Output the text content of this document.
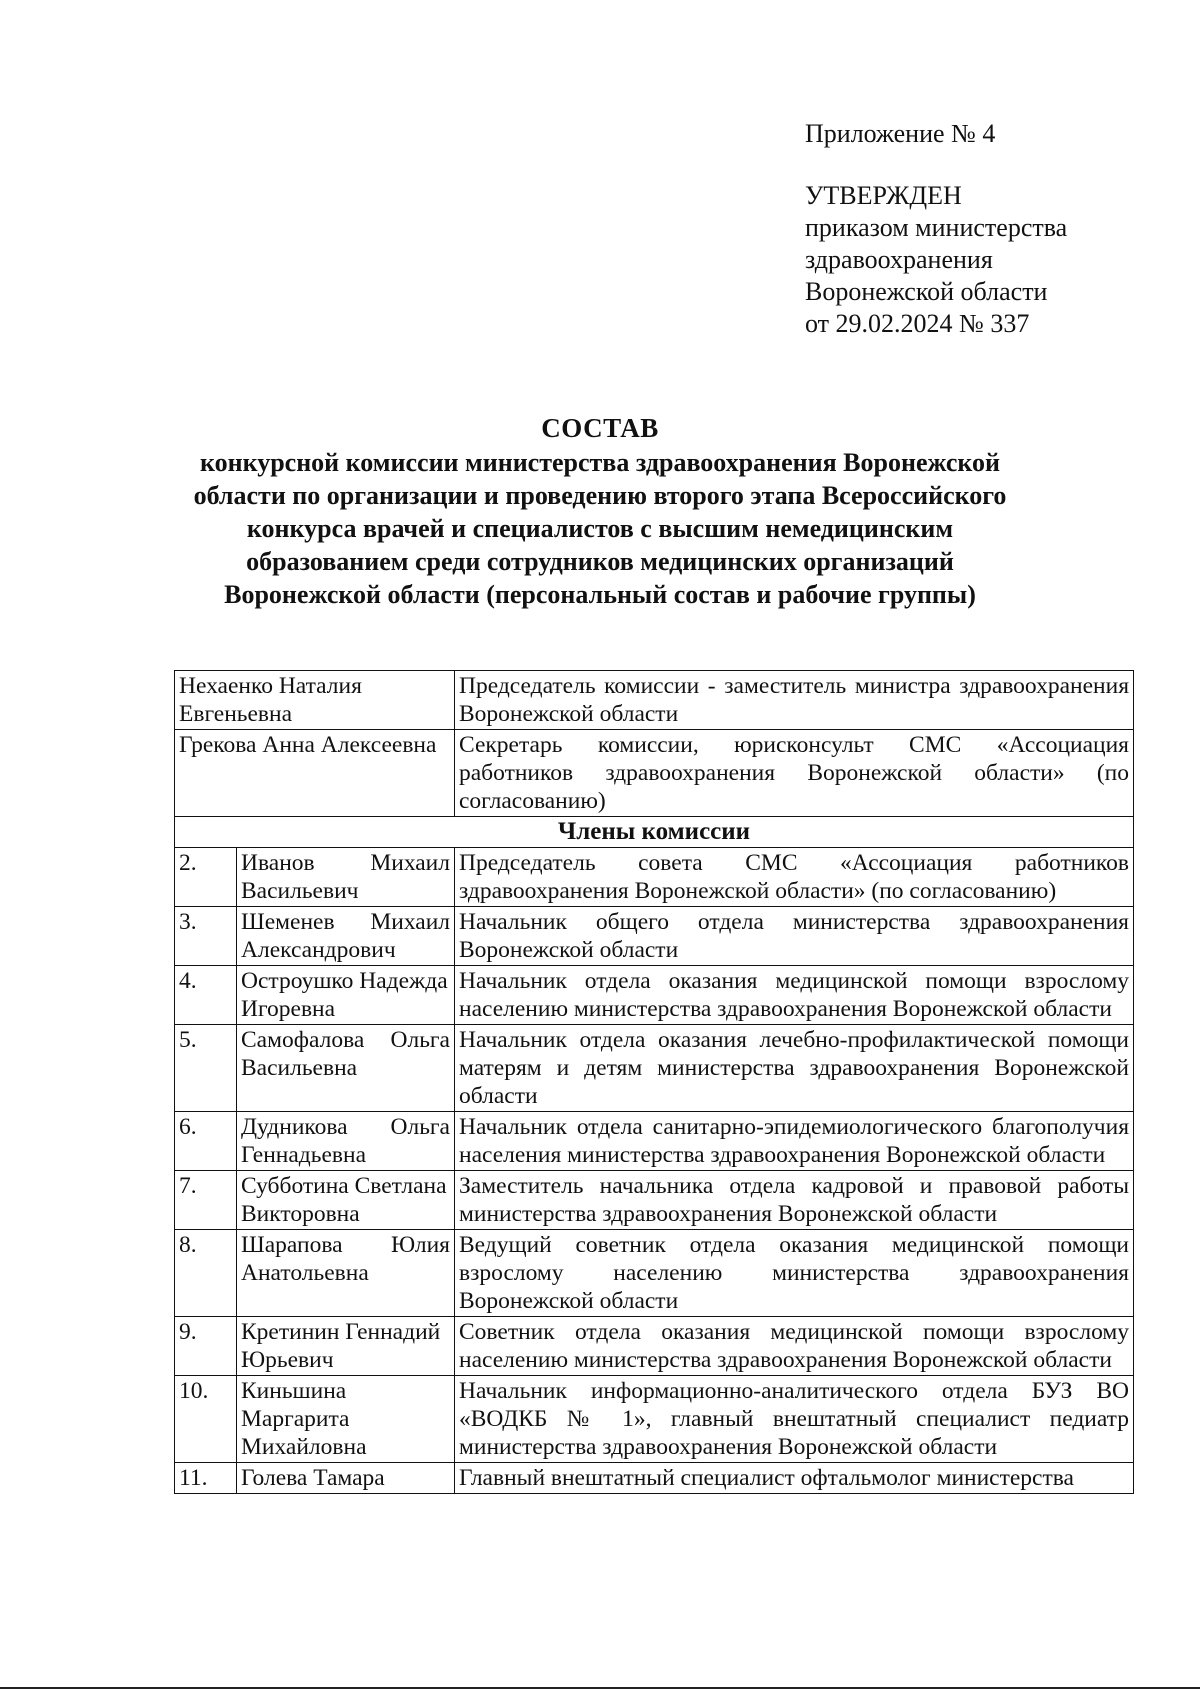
Приложение № 4
УТВЕРЖДЕН
приказом министерства
здравоохранения
Воронежской области
от 29.02.2024 № 337
СОСТАВ
конкурсной комиссии министерства здравоохранения Воронежской
области по организации и проведению второго этапа Всероссийского
конкурса врачей и специалистов с высшим немедицинским
образованием среди сотрудников медицинских организаций
Воронежской области (персональный состав и рабочие группы)
Нехаенко Наталия Евгеньевна		Председатель комиссии - заместитель министра здравоохранения Воронежской области
Грекова Анна Алексеевна		Секретарь комиссии, юрисконсульт СМС «Ассоциация работников здравоохранения Воронежской области» (по согласованию)
Члены комиссии		
2.	Иванов Михаил Васильевич	Председатель совета СМС «Ассоциация работников здравоохранения Воронежской области» (по согласованию)
3.	Шеменев Михаил Александрович	Начальник общего отдела министерства здравоохранения Воронежской области
4.	Остроушко Надежда Игоревна	Начальник отдела оказания медицинской помощи взрослому населению министерства здравоохранения Воронежской области
5.	Самофалова Ольга Васильевна	Начальник отдела оказания лечебно-профилактической помощи матерям и детям министерства здравоохранения Воронежской области
6.	Дудникова Ольга Геннадьевна	Начальник отдела санитарно-эпидемиологического благополучия населения министерства здравоохранения Воронежской области
7.	Субботина Светлана Викторовна	Заместитель начальника отдела кадровой и правовой работы министерства здравоохранения Воронежской области
8.	Шарапова Юлия Анатольевна	Ведущий советник отдела оказания медицинской помощи взрослому населению министерства здравоохранения Воронежской области
9.	Кретинин Геннадий Юрьевич	Советник отдела оказания медицинской помощи взрослому населению министерства здравоохранения Воронежской области
10.	Киньшина Маргарита Михайловна	Начальник информационно-аналитического отдела БУЗ ВО «ВОДКБ № 1», главный внештатный специалист педиатр министерства здравоохранения Воронежской области
11.	Голева Тамара	Главный внештатный специалист офтальмолог министерства
